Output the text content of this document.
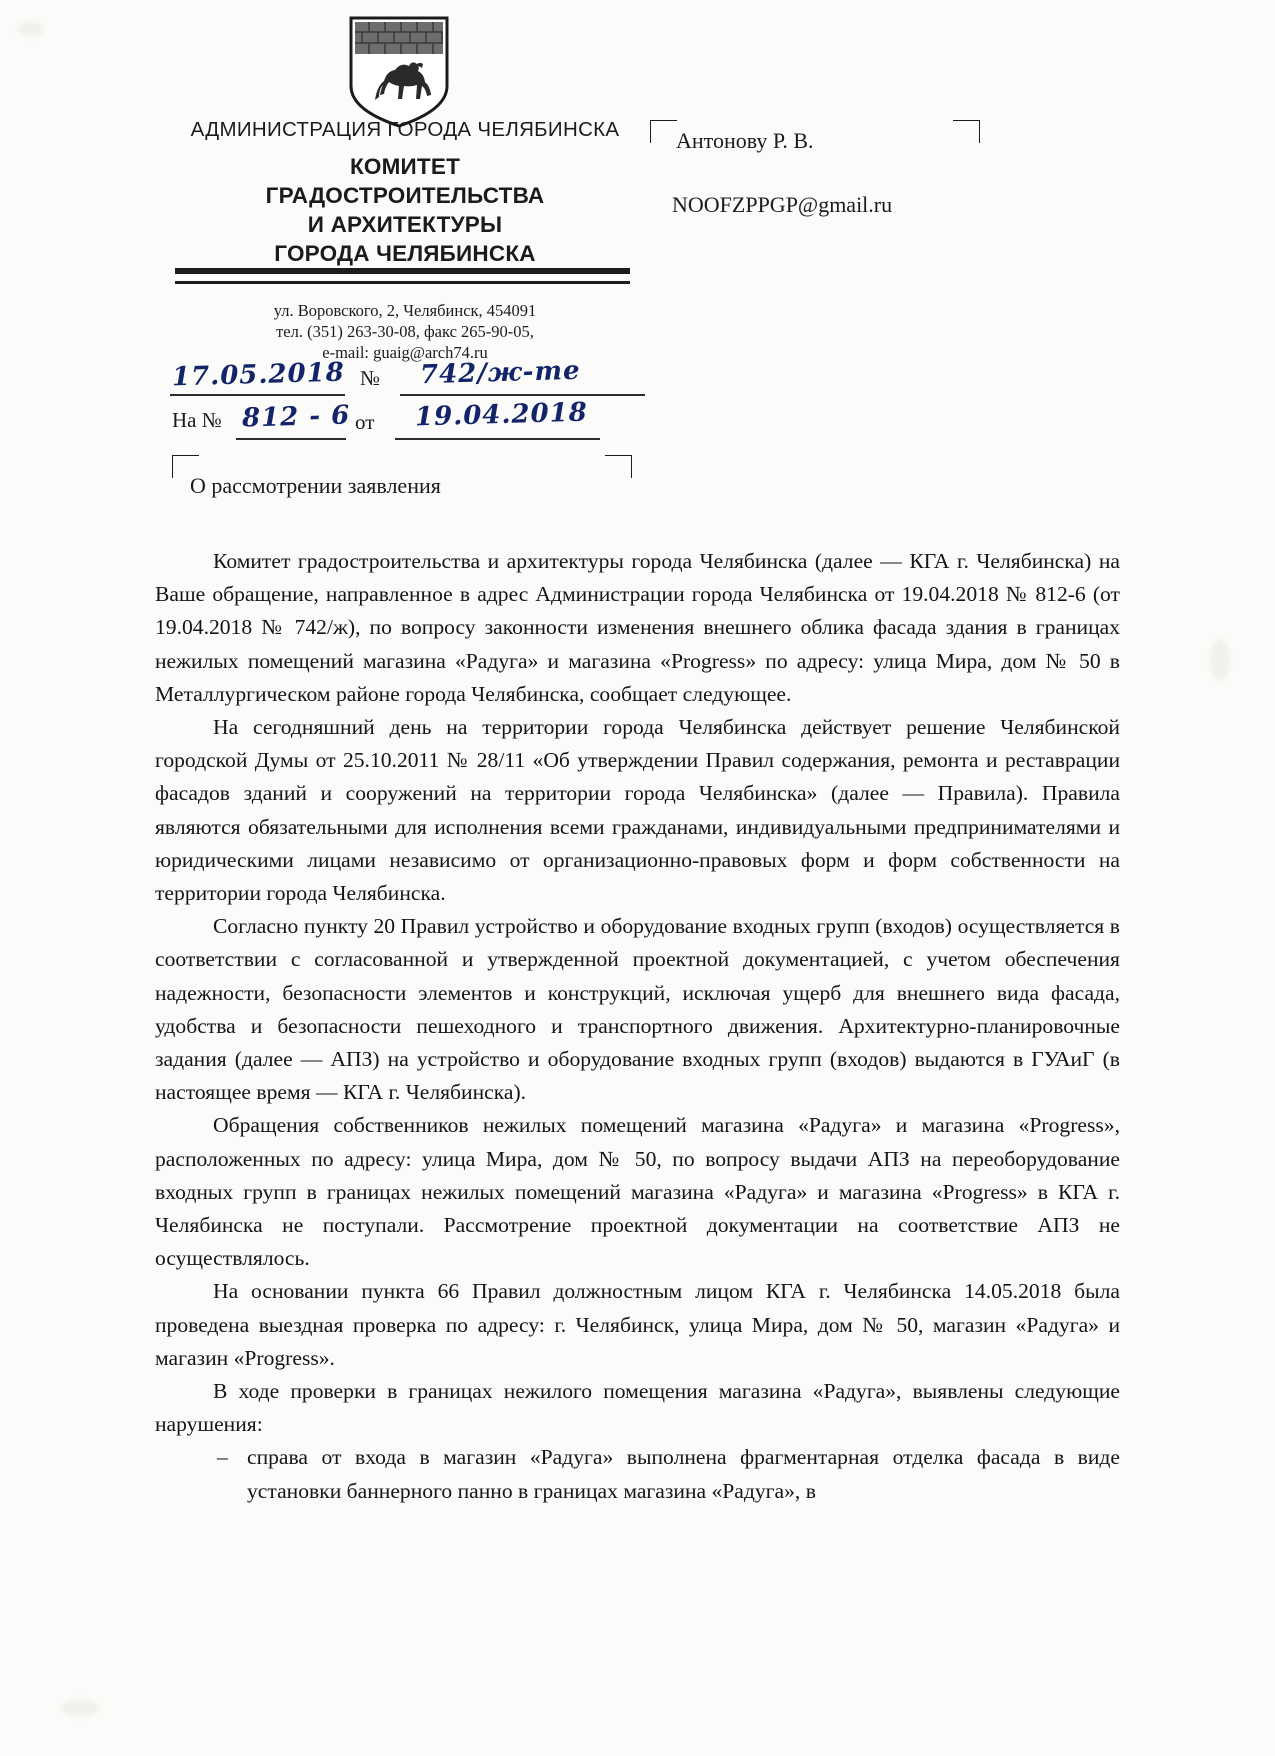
АДМИНИСТРАЦИЯ ГОРОДА ЧЕЛЯБИНСКА
КОМИТЕТ
ГРАДОСТРОИТЕЛЬСТВА
И АРХИТЕКТУРЫ
ГОРОДА ЧЕЛЯБИНСКА
ул. Воровского, 2, Челябинск, 454091
тел. (351) 263-30-08, факс 265-90-05,
e-mail: guaig@arch74.ru
17.05.2018 № 742/ж-те
На № 812 - 6 от 19.04.2018
Антонову Р. В.
NOOFZPPGP@gmail.ru
О рассмотрении заявления

Комитет градостроительства и архитектуры города Челябинска (далее — КГА г. Челябинска) на Ваше обращение, направленное в адрес Администрации города Челябинска от 19.04.2018 № 812-6 (от 19.04.2018 № 742/ж), по вопросу законности изменения внешнего облика фасада здания в границах нежилых помещений магазина «Радуга» и магазина «Progress» по адресу: улица Мира, дом № 50 в Металлургическом районе города Челябинска, сообщает следующее.

На сегодняшний день на территории города Челябинска действует решение Челябинской городской Думы от 25.10.2011 № 28/11 «Об утверждении Правил содержания, ремонта и реставрации фасадов зданий и сооружений на территории города Челябинска» (далее — Правила). Правила являются обязательными для исполнения всеми гражданами, индивидуальными предпринимателями и юридическими лицами независимо от организационно-правовых форм и форм собственности на территории города Челябинска.

Согласно пункту 20 Правил устройство и оборудование входных групп (входов) осуществляется в соответствии с согласованной и утвержденной проектной документацией, с учетом обеспечения надежности, безопасности элементов и конструкций, исключая ущерб для внешнего вида фасада, удобства и безопасности пешеходного и транспортного движения. Архитектурно-планировочные задания (далее — АПЗ) на устройство и оборудование входных групп (входов) выдаются в ГУАиГ (в настоящее время — КГА г. Челябинска).

Обращения собственников нежилых помещений магазина «Радуга» и магазина «Progress», расположенных по адресу: улица Мира, дом № 50, по вопросу выдачи АПЗ на переоборудование входных групп в границах нежилых помещений магазина «Радуга» и магазина «Progress» в КГА г. Челябинска не поступали. Рассмотрение проектной документации на соответствие АПЗ не осуществлялось.

На основании пункта 66 Правил должностным лицом КГА г. Челябинска 14.05.2018 была проведена выездная проверка по адресу: г. Челябинск, улица Мира, дом № 50, магазин «Радуга» и магазин «Progress».

В ходе проверки в границах нежилого помещения магазина «Радуга», выявлены следующие нарушения:

– справа от входа в магазин «Радуга» выполнена фрагментарная отделка фасада в виде установки баннерного панно в границах магазина «Радуга», в
